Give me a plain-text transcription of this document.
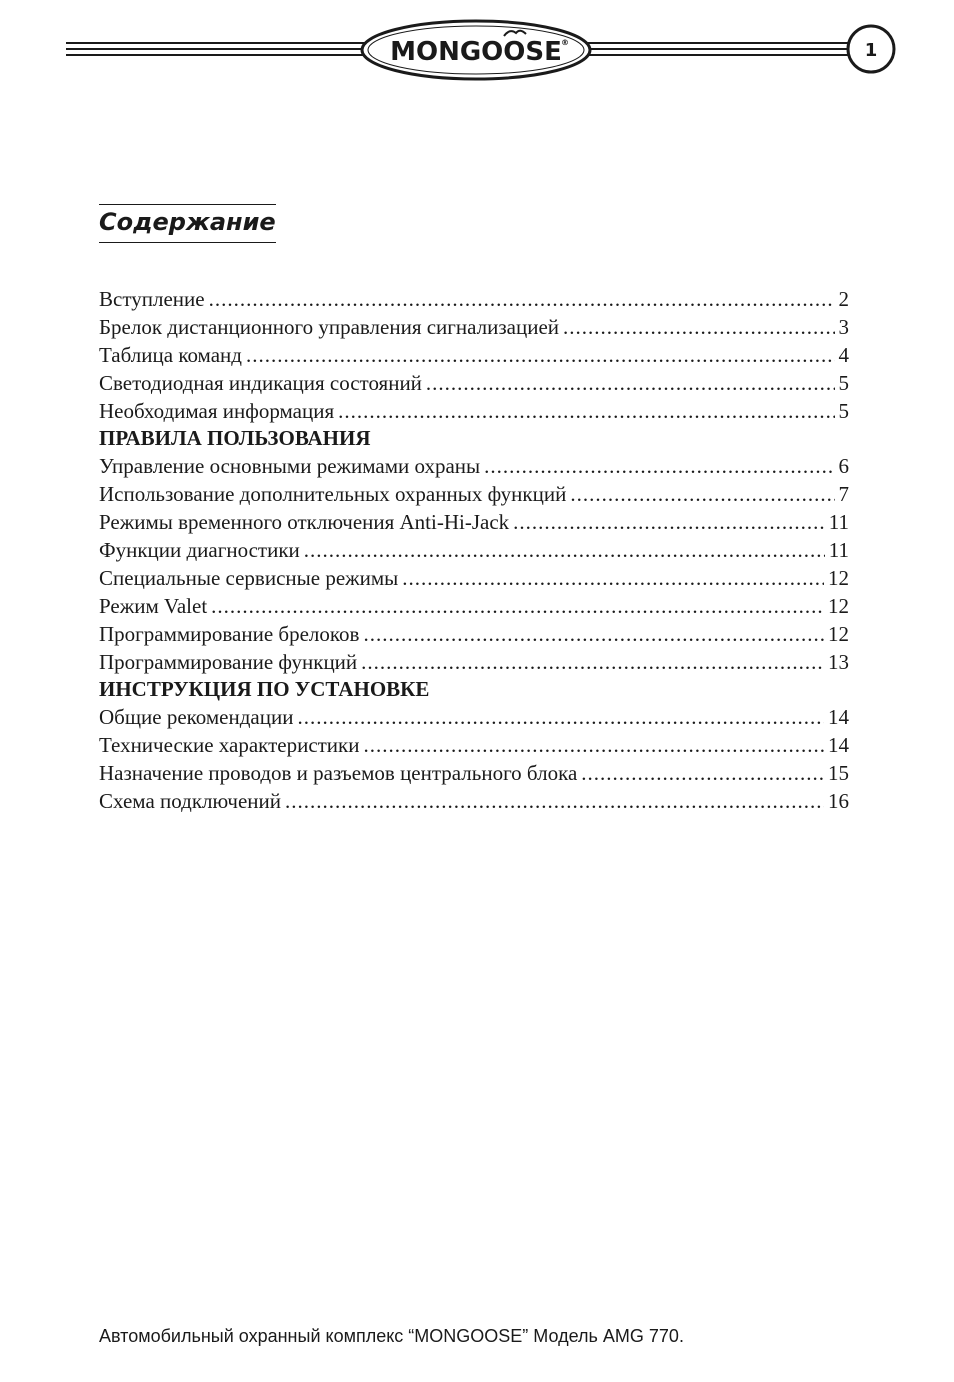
MONGOOSE ®	1
Содержание
Вступление .....	2
Брелок дистанционного управления сигнализацией .....	3
Таблица команд .....	4
Светодиодная индикация состояний .....	5
Необходимая информация .....	5
ПРАВИЛА ПОЛЬЗОВАНИЯ
Управление основными режимами охраны .....	6
Использование дополнительных охранных функций .....	7
Режимы временного отключения Anti-Hi-Jack .....	11
Функции диагностики .....	11
Специальные сервисные режимы .....	12
Режим Valet .....	12
Программирование брелоков .....	12
Программирование функций .....	13
ИНСТРУКЦИЯ ПО УСТАНОВКЕ
Общие рекомендации .....	14
Технические характеристики .....	14
Назначение проводов и разъемов центрального блока .....	15
Схема подключений .....	16
Автомобильный охранный комплекс “MONGOOSE” Модель AMG 770.
